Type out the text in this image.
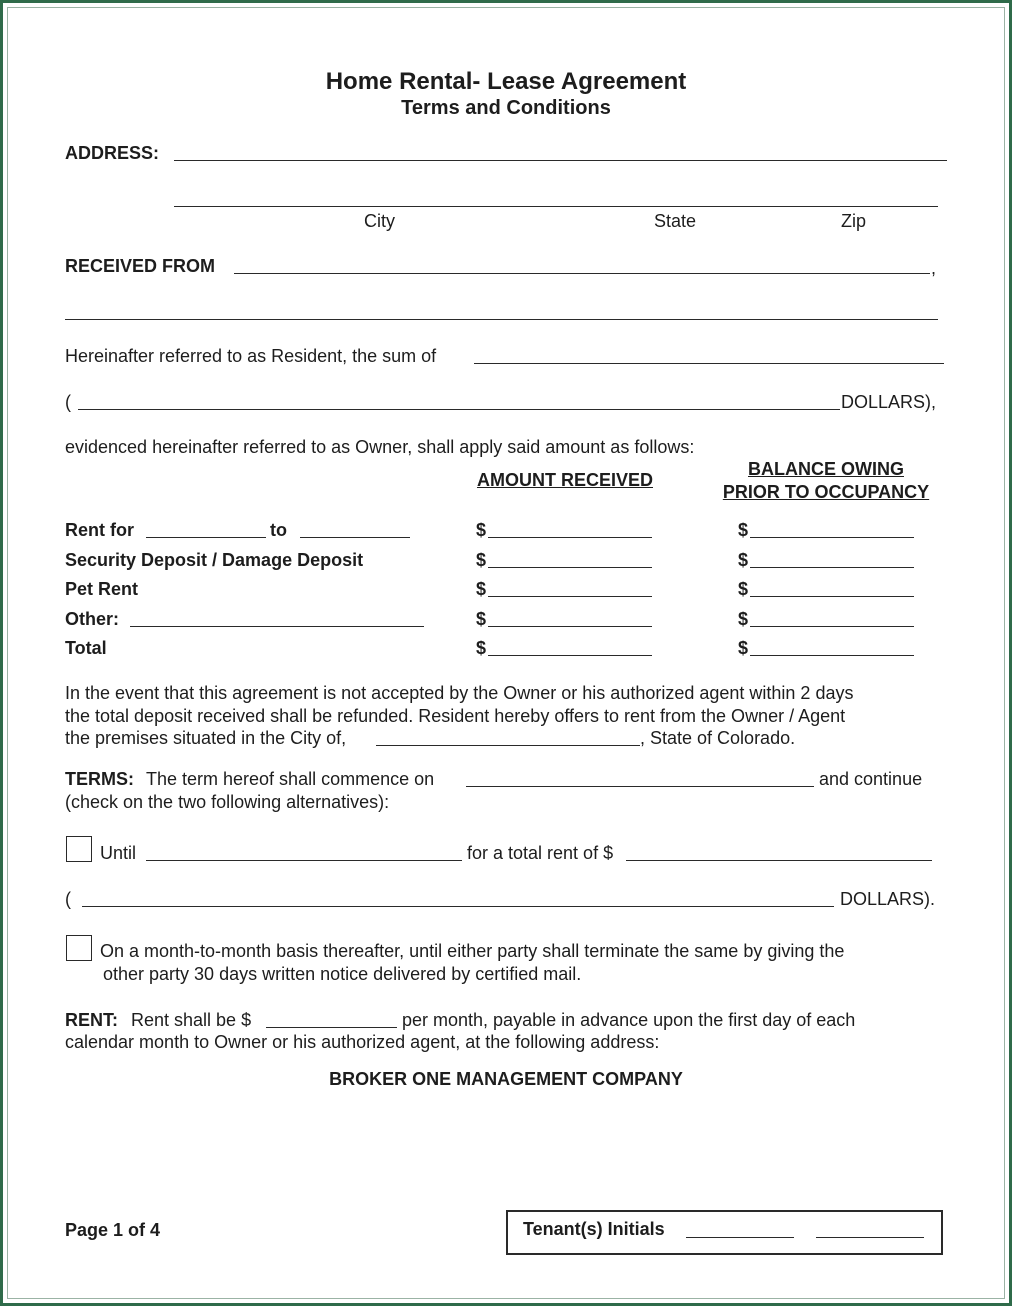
Home Rental- Lease Agreement
Terms and Conditions
ADDRESS:
City	State	Zip
RECEIVED FROM	,
Hereinafter referred to as Resident, the sum of
(	DOLLARS),
evidenced hereinafter referred to as Owner, shall apply said amount as follows:
AMOUNT RECEIVED
BALANCE OWING
PRIOR TO OCCUPANCY
Rent for	to	$	$
Security Deposit / Damage Deposit	$	$
Pet Rent	$	$
Other:	$	$
Total	$	$
In the event that this agreement is not accepted by the Owner or his authorized agent within 2 days
the total deposit received shall be refunded. Resident hereby offers to rent from the Owner / Agent
the premises situated in the City of,	, State of Colorado.
TERMS: The term hereof shall commence on	and continue
(check on the two following alternatives):
Until	for a total rent of $
(	DOLLARS).
On a month-to-month basis thereafter, until either party shall terminate the same by giving the
other party 30 days written notice delivered by certified mail.
RENT: Rent shall be $	per month, payable in advance upon the first day of each
calendar month to Owner or his authorized agent, at the following address:
BROKER ONE MANAGEMENT COMPANY
Page 1 of 4	Tenant(s) Initials
